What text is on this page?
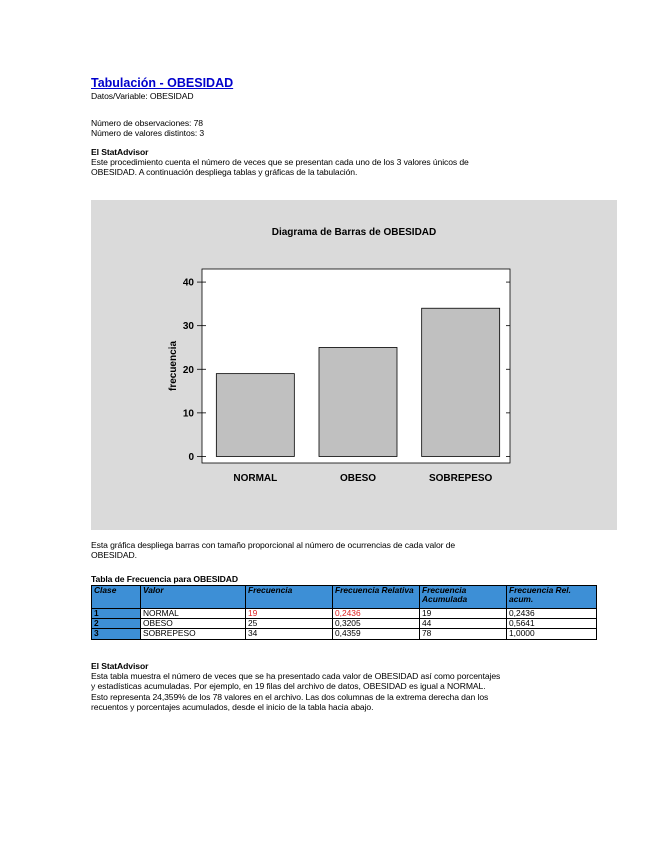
Tabulación - OBESIDAD
Datos/Variable: OBESIDAD
Número de observaciones: 78
Número de valores distintos: 3
El StatAdvisor
Este procedimiento cuenta el número de veces que se presentan cada uno de los 3 valores únicos de
OBESIDAD. A continuación despliega tablas y gráficas de la tabulación.
Diagrama de Barras de OBESIDAD
frecuencia
0
10
20
30
40
NORMAL	OBESO	SOBREPESO
Esta gráfica despliega barras con tamaño proporcional al número de ocurrencias de cada valor de
OBESIDAD.
Tabla de Frecuencia para OBESIDAD
Clase	Valor	Frecuencia	Frecuencia Relativa	Frecuencia Acumulada	Frecuencia Rel. acum.
1	NORMAL	19	0,2436	19	0,2436
2	OBESO	25	0,3205	44	0,5641
3	SOBREPESO	34	0,4359	78	1,0000
El StatAdvisor
Esta tabla muestra el número de veces que se ha presentado cada valor de OBESIDAD así como porcentajes
y estadísticas acumuladas. Por ejemplo, en 19 filas del archivo de datos, OBESIDAD es igual a NORMAL.
Esto representa 24,359% de los 78 valores en el archivo. Las dos columnas de la extrema derecha dan los
recuentos y porcentajes acumulados, desde el inicio de la tabla hacia abajo.
